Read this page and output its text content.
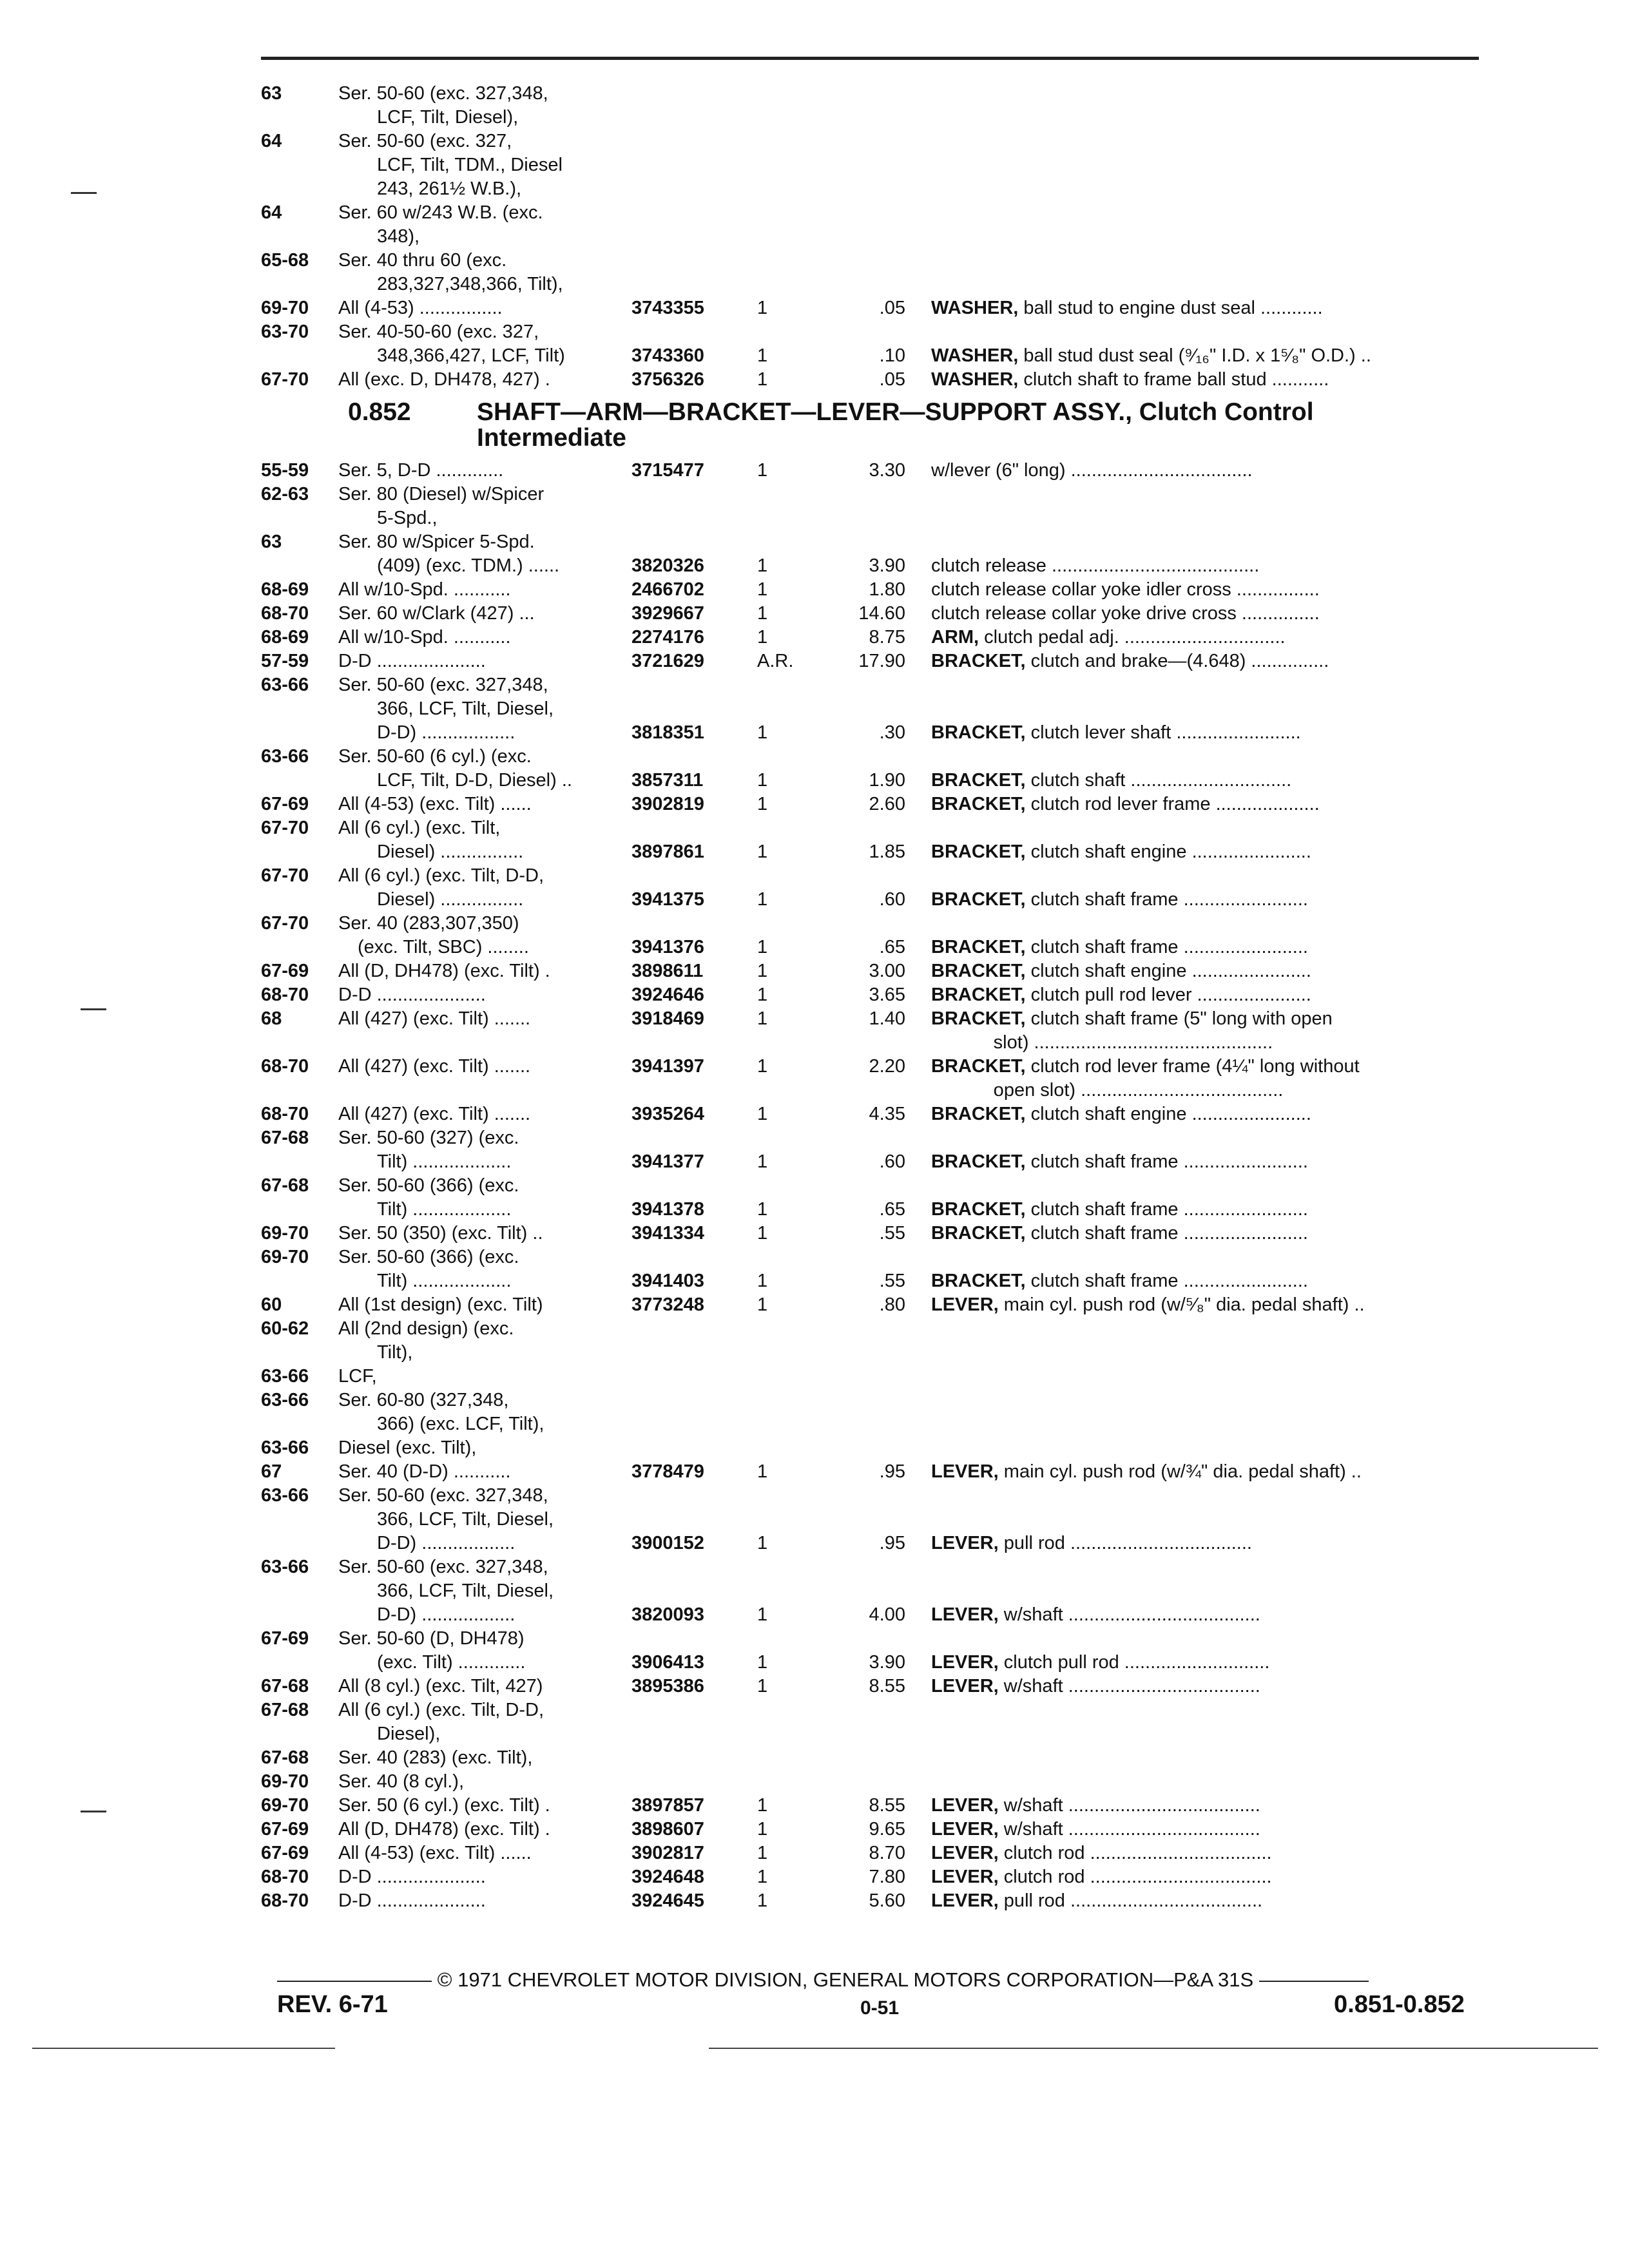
63	Ser. 50-60 (exc. 327,348,
LCF, Tilt, Diesel),
64	Ser. 50-60 (exc. 327,
LCF, Tilt, TDM., Diesel
243, 261½ W.B.),
64	Ser. 60 w/243 W.B. (exc.
348),
65-68	Ser. 40 thru 60 (exc.
283,327,348,366, Tilt),
69-70	All (4-53) ................	3743355	1	.05 WASHER, ball stud to engine dust seal ............
63-70	Ser. 40-50-60 (exc. 327,
348,366,427, LCF, Tilt)	3743360	1	.10 WASHER, ball stud dust seal (⁹⁄₁₆" I.D. x 1⁵⁄₈" O.D.) ..
67-70	All (exc. D, DH478, 427) .	3756326	1	.05 WASHER, clutch shaft to frame ball stud ...........
0.852	SHAFT—ARM—BRACKET—LEVER—SUPPORT ASSY., Clutch Control
Intermediate
55-59	Ser. 5, D-D .............	3715477	1	3.30 w/lever (6" long) ...................................
62-63	Ser. 80 (Diesel) w/Spicer
5-Spd.,
63	Ser. 80 w/Spicer 5-Spd.
(409) (exc. TDM.) ......	3820326	1	3.90 clutch release ........................................
68-69	All w/10-Spd. ...........	2466702	1	1.80 clutch release collar yoke idler cross ................
68-70	Ser. 60 w/Clark (427) ...	3929667	1	14.60 clutch release collar yoke drive cross ...............
68-69	All w/10-Spd. ...........	2274176	1	8.75 ARM, clutch pedal adj. ...............................
57-59	D-D .....................	3721629	A.R.	17.90 BRACKET, clutch and brake—(4.648) ...............
63-66	Ser. 50-60 (exc. 327,348,
366, LCF, Tilt, Diesel,
D-D) ..................	3818351	1	.30 BRACKET, clutch lever shaft ........................
63-66	Ser. 50-60 (6 cyl.) (exc.
LCF, Tilt, D-D, Diesel) ..	3857311	1	1.90 BRACKET, clutch shaft ...............................
67-69	All (4-53) (exc. Tilt) ......	3902819	1	2.60 BRACKET, clutch rod lever frame ....................
67-70	All (6 cyl.) (exc. Tilt,
Diesel) ................	3897861	1	1.85 BRACKET, clutch shaft engine .......................
67-70	All (6 cyl.) (exc. Tilt, D-D,
Diesel) ................	3941375	1	.60 BRACKET, clutch shaft frame ........................
67-70	Ser. 40 (283,307,350)
(exc. Tilt, SBC) ........	3941376	1	.65 BRACKET, clutch shaft frame ........................
67-69	All (D, DH478) (exc. Tilt) .	3898611	1	3.00 BRACKET, clutch shaft engine .......................
68-70	D-D .....................	3924646	1	3.65 BRACKET, clutch pull rod lever ......................
68	All (427) (exc. Tilt) .......	3918469	1	1.40 BRACKET, clutch shaft frame (5" long with open
slot) ..............................................
68-70	All (427) (exc. Tilt) .......	3941397	1	2.20 BRACKET, clutch rod lever frame (4¼" long without
open slot) .......................................
68-70	All (427) (exc. Tilt) .......	3935264	1	4.35 BRACKET, clutch shaft engine .......................
67-68	Ser. 50-60 (327) (exc.
Tilt) ...................	3941377	1	.60 BRACKET, clutch shaft frame ........................
67-68	Ser. 50-60 (366) (exc.
Tilt) ...................	3941378	1	.65 BRACKET, clutch shaft frame ........................
69-70	Ser. 50 (350) (exc. Tilt) ..	3941334	1	.55 BRACKET, clutch shaft frame ........................
69-70	Ser. 50-60 (366) (exc.
Tilt) ...................	3941403	1	.55 BRACKET, clutch shaft frame ........................
60	All (1st design) (exc. Tilt)	3773248	1	.80 LEVER, main cyl. push rod (w/⁵⁄₈" dia. pedal shaft) ..
60-62	All (2nd design) (exc.
Tilt),
63-66	LCF,
63-66	Ser. 60-80 (327,348,
366) (exc. LCF, Tilt),
63-66	Diesel (exc. Tilt),
67	Ser. 40 (D-D) ...........	3778479	1	.95 LEVER, main cyl. push rod (w/¾" dia. pedal shaft) ..
63-66	Ser. 50-60 (exc. 327,348,
366, LCF, Tilt, Diesel,
D-D) ..................	3900152	1	.95 LEVER, pull rod ...................................
63-66	Ser. 50-60 (exc. 327,348,
366, LCF, Tilt, Diesel,
D-D) ..................	3820093	1	4.00 LEVER, w/shaft .....................................
67-69	Ser. 50-60 (D, DH478)
(exc. Tilt) .............	3906413	1	3.90 LEVER, clutch pull rod ............................
67-68	All (8 cyl.) (exc. Tilt, 427)	3895386	1	8.55 LEVER, w/shaft .....................................
67-68	All (6 cyl.) (exc. Tilt, D-D,
Diesel),
67-68	Ser. 40 (283) (exc. Tilt),
69-70	Ser. 40 (8 cyl.),
69-70	Ser. 50 (6 cyl.) (exc. Tilt) .	3897857	1	8.55 LEVER, w/shaft .....................................
67-69	All (D, DH478) (exc. Tilt) .	3898607	1	9.65 LEVER, w/shaft .....................................
67-69	All (4-53) (exc. Tilt) ......	3902817	1	8.70 LEVER, clutch rod ...................................
68-70	D-D .....................	3924648	1	7.80 LEVER, clutch rod ...................................
68-70	D-D .....................	3924645	1	5.60 LEVER, pull rod .....................................
© 1971 CHEVROLET MOTOR DIVISION, GENERAL MOTORS CORPORATION—P&A 31S
REV. 6-71	0-51	0.851-0.852
